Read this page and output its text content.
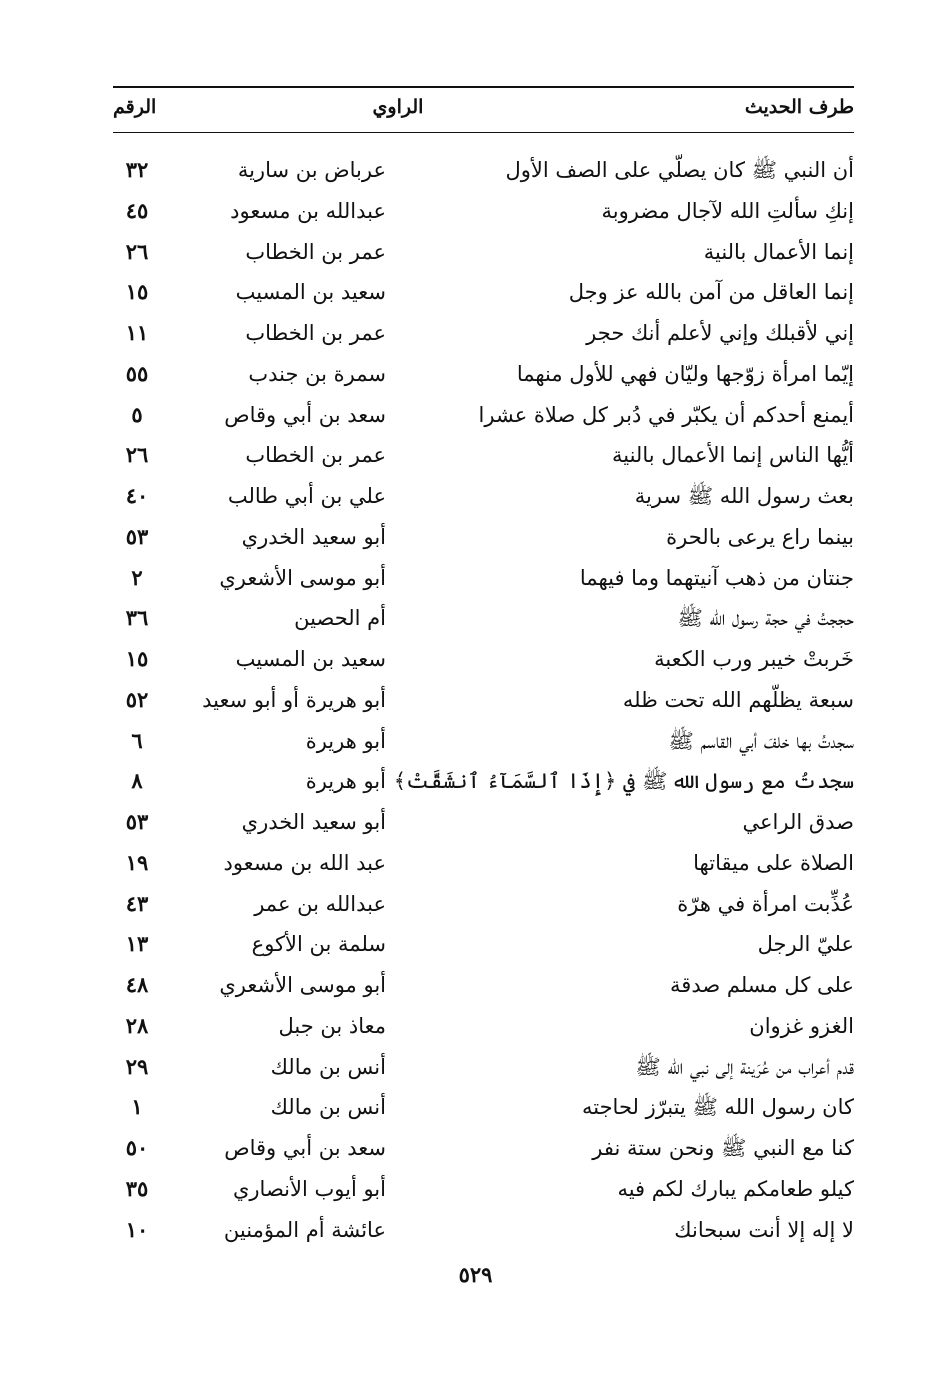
طرف الحديث
الراوي
الرقم
أن النبي ﷺ كان يصلّي على الصف الأول
عرباض بن سارية
٣٢
إنكِ سألتِ الله لآجال مضروبة
عبدالله بن مسعود
٤٥
إنما الأعمال بالنية
عمر بن الخطاب
٢٦
إنما العاقل من آمن بالله عز وجل
سعيد بن المسيب
١٥
إني لأقبلك وإني لأعلم أنك حجر
عمر بن الخطاب
١١
إيّما امرأة زوّجها وليّان فهي للأول منهما
سمرة بن جندب
٥٥
أيمنع أحدكم أن يكبّر في دُبر كل صلاة عشرا
سعد بن أبي وقاص
٥
أيُّها الناس إنما الأعمال بالنية
عمر بن الخطاب
٢٦
بعث رسول الله ﷺ سرية
علي بن أبي طالب
٤٠
بينما راع يرعى بالحرة
أبو سعيد الخدري
٥٣
جنتان من ذهب آنيتهما وما فيهما
أبو موسى الأشعري
٢
حججتُ في حجة رسول الله ﷺ
أم الحصين
٣٦
خَربتْ خيبر ورب الكعبة
سعيد بن المسيب
١٥
سبعة يظلّهم الله تحت ظله
أبو هريرة أو أبو سعيد
٥٢
سجدتُ بها خلفَ أبي القاسم ﷺ
أبو هريرة
٦
سجدتُ مع رسول الله ﷺ في ﴿إِذَا ٱلسَّمَآءُ ٱنشَقَّتْ﴾
أبو هريرة
٨
صدق الراعي
أبو سعيد الخدري
٥٣
الصلاة على ميقاتها
عبد الله بن مسعود
١٩
عُذِّبت امرأة في هرّة
عبدالله بن عمر
٤٣
عليّ الرجل
سلمة بن الأكوع
١٣
على كل مسلم صدقة
أبو موسى الأشعري
٤٨
الغزو غزوان
معاذ بن جبل
٢٨
قدم أعراب من عُرَينة إلى نبي الله ﷺ
أنس بن مالك
٢٩
كان رسول الله ﷺ يتبرّز لحاجته
أنس بن مالك
١
كنا مع النبي ﷺ ونحن ستة نفر
سعد بن أبي وقاص
٥٠
كيلو طعامكم يبارك لكم فيه
أبو أيوب الأنصاري
٣٥
لا إله إلا أنت سبحانك
عائشة أم المؤمنين
١٠
٥٢٩
